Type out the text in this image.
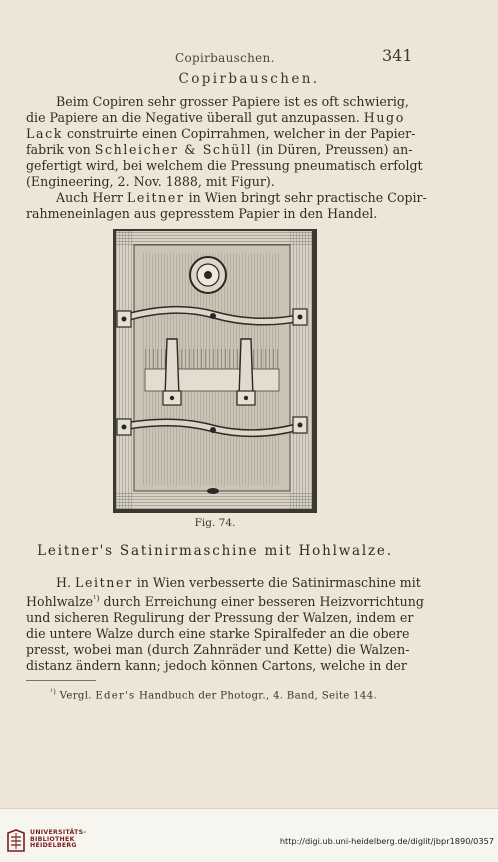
Copirbauschen.	341
Copirbauschen.
Beim Copiren sehr grosser Papiere ist es oft schwierig,
die Papiere an die Negative überall gut anzupassen. Hugo
Lack construirte einen Copirrahmen, welcher in der Papier-
fabrik von Schleicher & Schüll (in Düren, Preussen) an-
gefertigt wird, bei welchem die Pressung pneumatisch erfolgt
(Engineering, 2. Nov. 1888, mit Figur).
Auch Herr Leitner in Wien bringt sehr practische Copir-
rahmeneinlagen aus gepresstem Papier in den Handel.
Fig. 74.
Leitner's Satinirmaschine mit Hohlwalze.
H. Leitner in Wien verbesserte die Satinirmaschine mit
Hohlwalze$^{^1)}$ durch Erreichung einer besseren Heizvorrichtung
und sicheren Regulirung der Pressung der Walzen, indem er
die untere Walze durch eine starke Spiralfeder an die obere
presst, wobei man (durch Zahnräder und Kette) die Walzen-
distanz ändern kann; jedoch können Cartons, welche in der
$^{^1)}$ Vergl. Eder's Handbuch der Photogr., 4. Band, Seite 144.
UNIVERSITÄTS-
BIBLIOTHEK
HEIDELBERG	http://digi.ub.uni-heidelberg.de/diglit/jbpr1890/0357
